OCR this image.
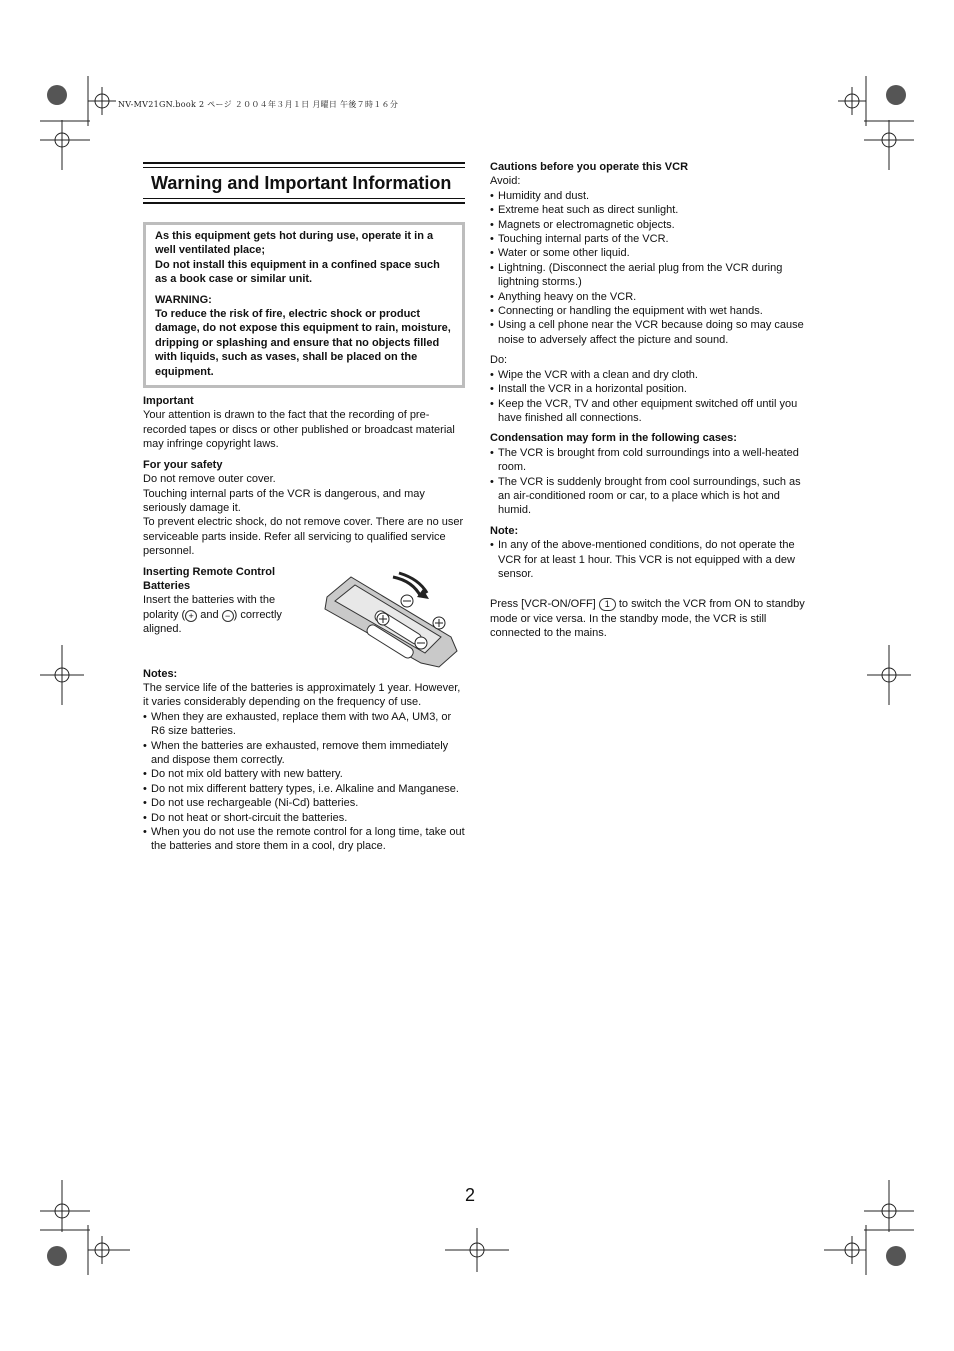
NV-MV21GN.book 2 ページ ２００４年３月１日 月曜日 午後７時１６分
Warning and Important Information

As this equipment gets hot during use, operate it in a well ventilated place;

Do not install this equipment in a confined space such as a book case or similar unit.

WARNING:

To reduce the risk of fire, electric shock or product damage, do not expose this equipment to rain, moisture, dripping or splashing and ensure that no objects filled with liquids, such as vases, shall be placed on the equipment.

Important

Your attention is drawn to the fact that the recording of pre-recorded tapes or discs or other published or broadcast material may infringe copyright laws.

For your safety

Do not remove outer cover.

Touching internal parts of the VCR is dangerous, and may seriously damage it.

To prevent electric shock, do not remove cover. There are no user serviceable parts inside. Refer all servicing to qualified service personnel.

Inserting Remote Control Batteries

Insert the batteries with the polarity ( + and − ) correctly aligned.

Notes:

The service life of the batteries is approximately 1 year. However, it varies considerably depending on the frequency of use.

• When they are exhausted, replace them with two AA, UM3, or R6 size batteries.
• When the batteries are exhausted, remove them immediately and dispose them correctly.
• Do not mix old battery with new battery.
• Do not mix different battery types, i.e. Alkaline and Manganese.
• Do not use rechargeable (Ni-Cd) batteries.
• Do not heat or short-circuit the batteries.
• When you do not use the remote control for a long time, take out the batteries and store them in a cool, dry place.
Cautions before you operate this VCR

Avoid:

• Humidity and dust.
• Extreme heat such as direct sunlight.
• Magnets or electromagnetic objects.
• Touching internal parts of the VCR.
• Water or some other liquid.
• Lightning. (Disconnect the aerial plug from the VCR during lightning storms.)
• Anything heavy on the VCR.
• Connecting or handling the equipment with wet hands.
• Using a cell phone near the VCR because doing so may cause noise to adversely affect the picture and sound.

Do:

• Wipe the VCR with a clean and dry cloth.
• Install the VCR in a horizontal position.
• Keep the VCR, TV and other equipment switched off until you have finished all connections.
Condensation may form in the following cases:
• The VCR is brought from cold surroundings into a well-heated room.
• The VCR is suddenly brought from cool surroundings, such as an air-conditioned room or car, to a place which is hot and humid.
Note:
• In any of the above-mentioned conditions, do not operate the VCR for at least 1 hour. This VCR is not equipped with a dew sensor.

Press [VCR-ON/OFF] 1 to switch the VCR from ON to standby mode or vice versa. In the standby mode, the VCR is still connected to the mains.

2
